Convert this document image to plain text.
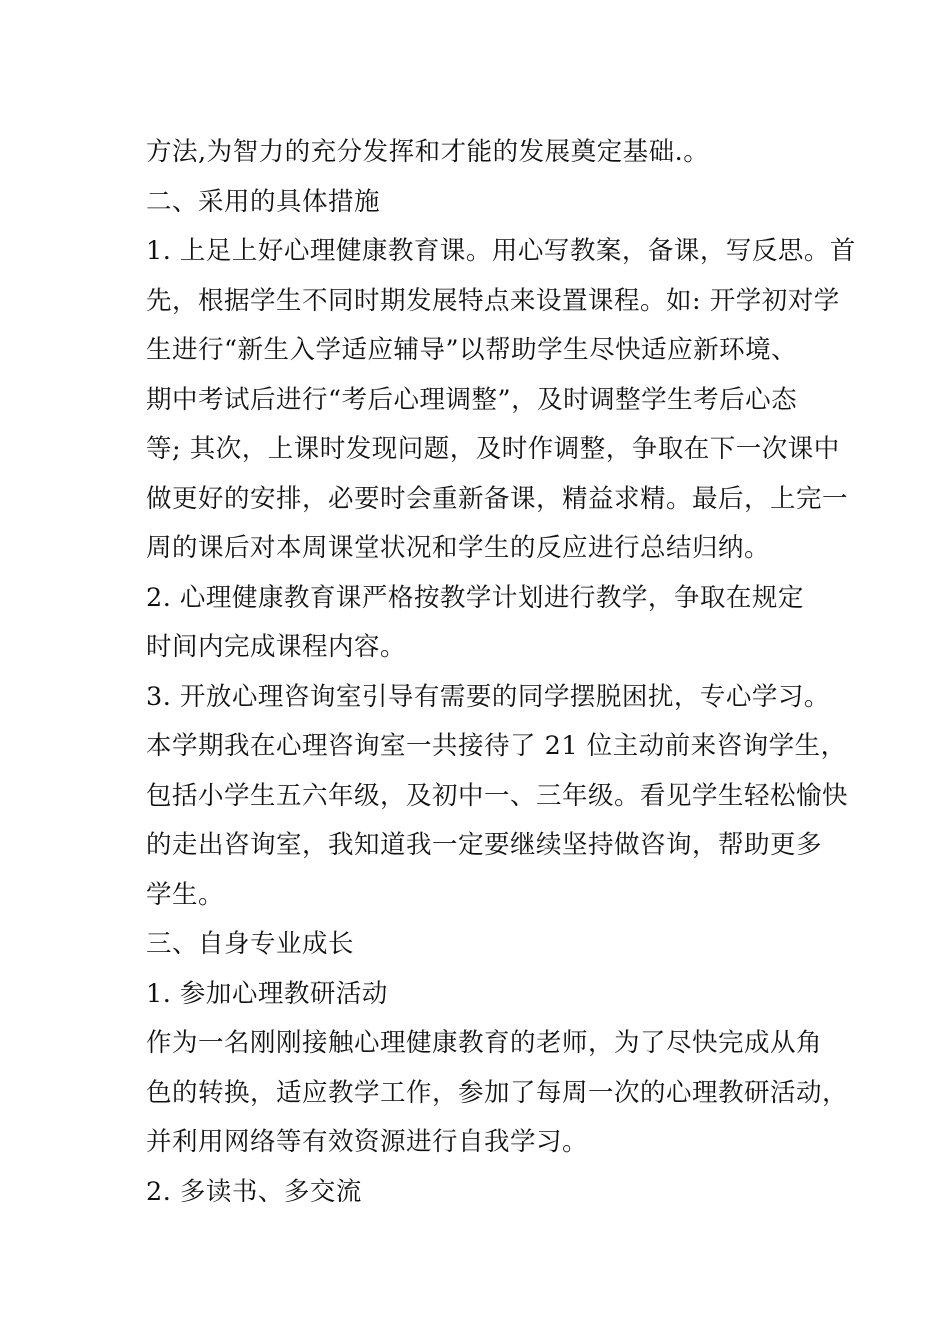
方法,为智力的充分发挥和才能的发展奠定基础.。
二、采用的具体措施
1. 上足上好心理健康教育课。用心写教案，备课，写反思。首
先，根据学生不同时期发展特点来设置课程。如: 开学初对学
生进行“新生入学适应辅导”以帮助学生尽快适应新环境、
期中考试后进行“考后心理调整”，及时调整学生考后心态
等; 其次，上课时发现问题，及时作调整，争取在下一次课中
做更好的安排，必要时会重新备课，精益求精。最后，上完一
周的课后对本周课堂状况和学生的反应进行总结归纳。
2. 心理健康教育课严格按教学计划进行教学，争取在规定
时间内完成课程内容。
3. 开放心理咨询室引导有需要的同学摆脱困扰，专心学习。
本学期我在心理咨询室一共接待了 21 位主动前来咨询学生，
包括小学生五六年级，及初中一、三年级。看见学生轻松愉快
的走出咨询室，我知道我一定要继续坚持做咨询，帮助更多
学生。
三、自身专业成长
1. 参加心理教研活动
作为一名刚刚接触心理健康教育的老师，为了尽快完成从角
色的转换，适应教学工作，参加了每周一次的心理教研活动，
并利用网络等有效资源进行自我学习。
2. 多读书、多交流
